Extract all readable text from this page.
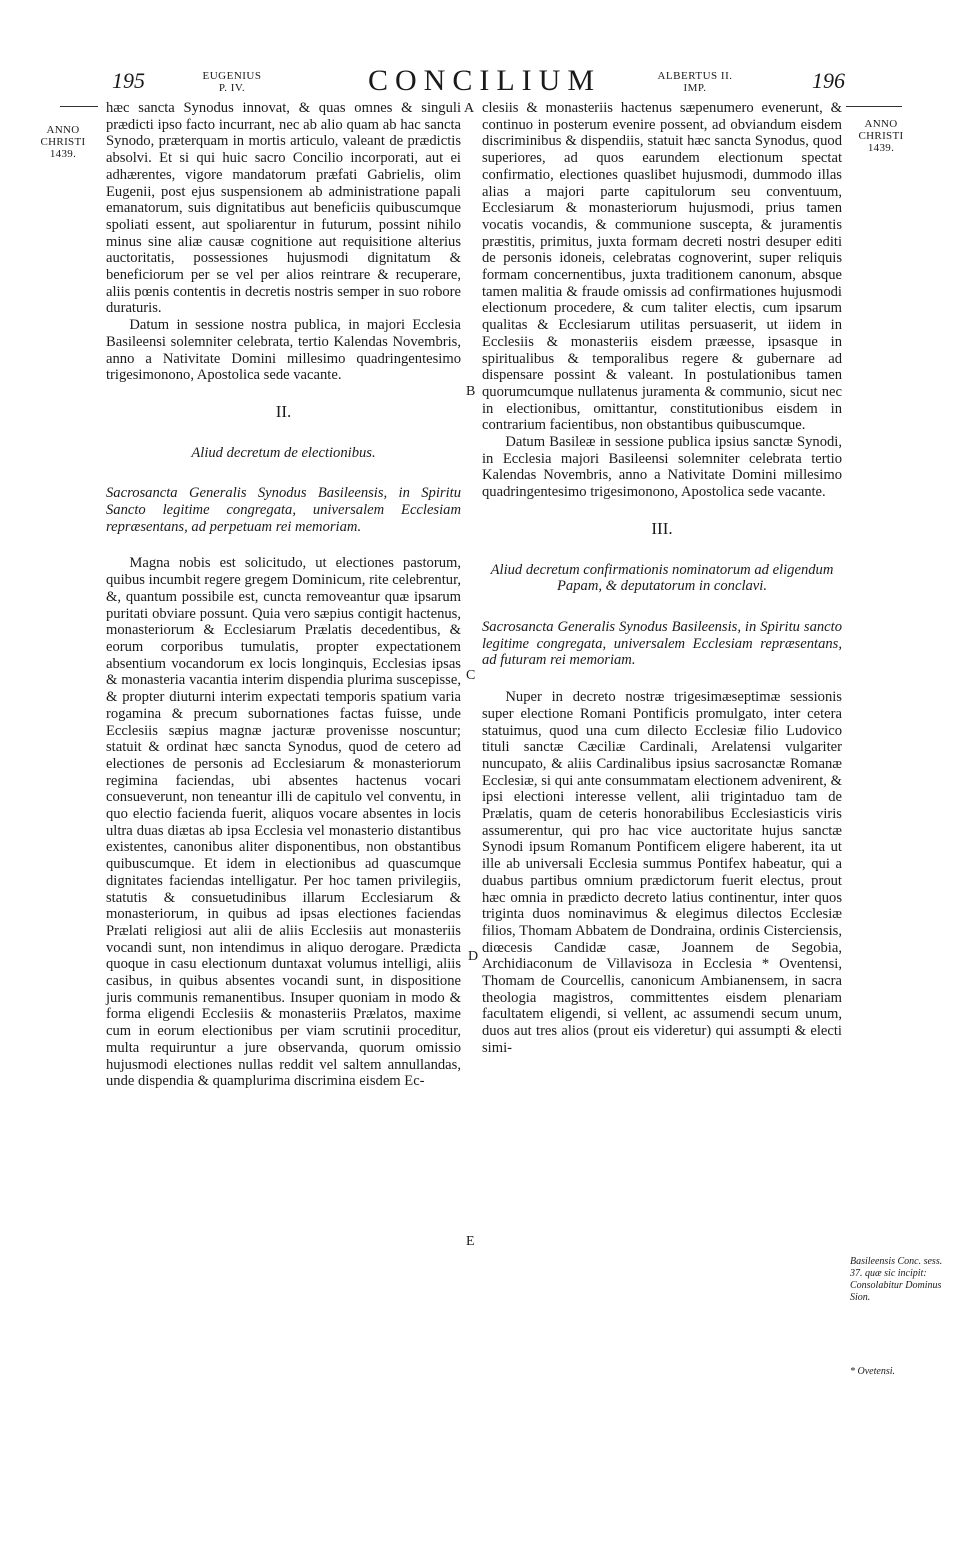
195	EUGENIUS
P. IV.	CONCILIUM	ALBERTUS II.
IMP.	196
ANNO
CHRISTI
1439.
ANNO
CHRISTI
1439.
A
B
C
D
E
Basileensis Conc. sess. 37. quæ sic incipit: Consolabitur Dominus Sion.
* Ovetensi.

hæc sancta Synodus innovat, & quas omnes & singuli prædicti ipso facto incurrant, nec ab alio quam ab hac sancta Synodo, præterquam in mortis articulo, valeant de prædictis absolvi. Et si qui huic sacro Concilio incorporati, aut ei adhærentes, vigore mandatorum præfati Gabrielis, olim Eugenii, post ejus suspensionem ab administratione papali emanatorum, suis dignitatibus aut beneficiis quibuscumque spoliati essent, aut spoliarentur in futurum, possint nihilo minus sine aliæ causæ cognitione aut requisitione alterius auctoritatis, possessiones hujusmodi dignitatum & beneficiorum per se vel per alios reintrare & recuperare, aliis pœnis contentis in decretis nostris semper in suo robore duraturis.

Datum in sessione nostra publica, in majori Ecclesia Basileensi solemniter celebrata, tertio Kalendas Novembris, anno a Nativitate Domini millesimo quadringentesimo trigesimonono, Apostolica sede vacante.

II.

Aliud decretum de electionibus.

Sacrosancta Generalis Synodus Basileensis, in Spiritu Sancto legitime congregata, universalem Ecclesiam repræsentans, ad perpetuam rei memoriam.

Magna nobis est solicitudo, ut electiones pastorum, quibus incumbit regere gregem Dominicum, rite celebrentur, &, quantum possibile est, cuncta removeantur quæ ipsarum puritati obviare possunt. Quia vero sæpius contigit hactenus, monasteriorum & Ecclesiarum Prælatis decedentibus, & eorum corporibus tumulatis, propter expectationem absentium vocandorum ex locis longinquis, Ecclesias ipsas & monasteria vacantia interim dispendia plurima suscepisse, & propter diuturni interim expectati temporis spatium varia rogamina & precum subornationes factas fuisse, unde Ecclesiis sæpius magnæ jacturæ provenisse noscuntur; statuit & ordinat hæc sancta Synodus, quod de cetero ad electiones de personis ad Ecclesiarum & monasteriorum regimina faciendas, ubi absentes hactenus vocari consueverunt, non teneantur illi de capitulo vel conventu, in quo electio facienda fuerit, aliquos vocare absentes in locis ultra duas diætas ab ipsa Ecclesia vel monasterio distantibus existentes, canonibus aliter disponentibus, non obstantibus quibuscumque. Et idem in electionibus ad quascumque dignitates faciendas intelligatur. Per hoc tamen privilegiis, statutis & consuetudinibus illarum Ecclesiarum & monasteriorum, in quibus ad ipsas electiones faciendas Prælati religiosi aut alii de aliis Ecclesiis aut monasteriis vocandi sunt, non intendimus in aliquo derogare. Prædicta quoque in casu electionum duntaxat volumus intelligi, aliis casibus, in quibus absentes vocandi sunt, in dispositione juris communis remanentibus. Insuper quoniam in modo & forma eligendi Ecclesiis & monasteriis Prælatos, maxime cum in eorum electionibus per viam scrutinii proceditur, multa requiruntur a jure observanda, quorum omissio hujusmodi electiones nullas reddit vel saltem annullandas, unde dispendia & quamplurima discrimina eisdem Ec-

clesiis & monasteriis hactenus sæpenumero evenerunt, & continuo in posterum evenire possent, ad obviandum eisdem discriminibus & dispendiis, statuit hæc sancta Synodus, quod superiores, ad quos earundem electionum spectat confirmatio, electiones quaslibet hujusmodi, dummodo illas alias a majori parte capitulorum seu conventuum, Ecclesiarum & monasteriorum hujusmodi, prius tamen vocatis vocandis, & communione suscepta, & juramentis præstitis, primitus, juxta formam decreti nostri desuper editi de personis idoneis, celebratas cognoverint, super reliquis formam concernentibus, juxta traditionem canonum, absque tamen malitia & fraude omissis ad confirmationes hujusmodi electionum procedere, & cum taliter electis, cum ipsarum qualitas & Ecclesiarum utilitas persuaserit, ut iidem in Ecclesiis & monasteriis eisdem præesse, ipsasque in spiritualibus & temporalibus regere & gubernare ad dispensare possint & valeant. In postulationibus tamen quorumcumque nullatenus juramenta & communio, sicut nec in electionibus, omittantur, constitutionibus eisdem in contrarium facientibus, non obstantibus quibuscumque.

Datum Basileæ in sessione publica ipsius sanctæ Synodi, in Ecclesia majori Basileensi solemniter celebrata tertio Kalendas Novembris, anno a Nativitate Domini millesimo quadringentesimo trigesimonono, Apostolica sede vacante.

III.

Aliud decretum confirmationis nominatorum ad eligendum Papam, & deputatorum in conclavi.

Sacrosancta Generalis Synodus Basileensis, in Spiritu sancto legitime congregata, universalem Ecclesiam repræsentans, ad futuram rei memoriam.

Nuper in decreto nostræ trigesimæseptimæ sessionis super electione Romani Pontificis promulgato, inter cetera statuimus, quod una cum dilecto Ecclesiæ filio Ludovico tituli sanctæ Cæciliæ Cardinali, Arelatensi vulgariter nuncupato, & aliis Cardinalibus ipsius sacrosanctæ Romanæ Ecclesiæ, si qui ante consummatam electionem advenirent, & ipsi electioni interesse vellent, alii trigintaduo tam de Prælatis, quam de ceteris honorabilibus Ecclesiasticis viris assumerentur, qui pro hac vice auctoritate hujus sanctæ Synodi ipsum Romanum Pontificem eligere haberent, ita ut ille ab universali Ecclesia summus Pontifex habeatur, qui a duabus partibus omnium prædictorum fuerit electus, prout hæc omnia in prædicto decreto latius continentur, inter quos triginta duos nominavimus & elegimus dilectos Ecclesiæ filios, Thomam Abbatem de Dondraina, ordinis Cisterciensis, diœcesis Candidæ casæ, Joannem de Segobia, Archidiaconum de Villavisoza in Ecclesia * Oventensi, Thomam de Courcellis, canonicum Ambianensem, in sacra theologia magistros, committentes eisdem plenariam facultatem eligendi, si vellent, ac assumendi secum unum, duos aut tres alios (prout eis videretur) qui assumpti & electi simi-
